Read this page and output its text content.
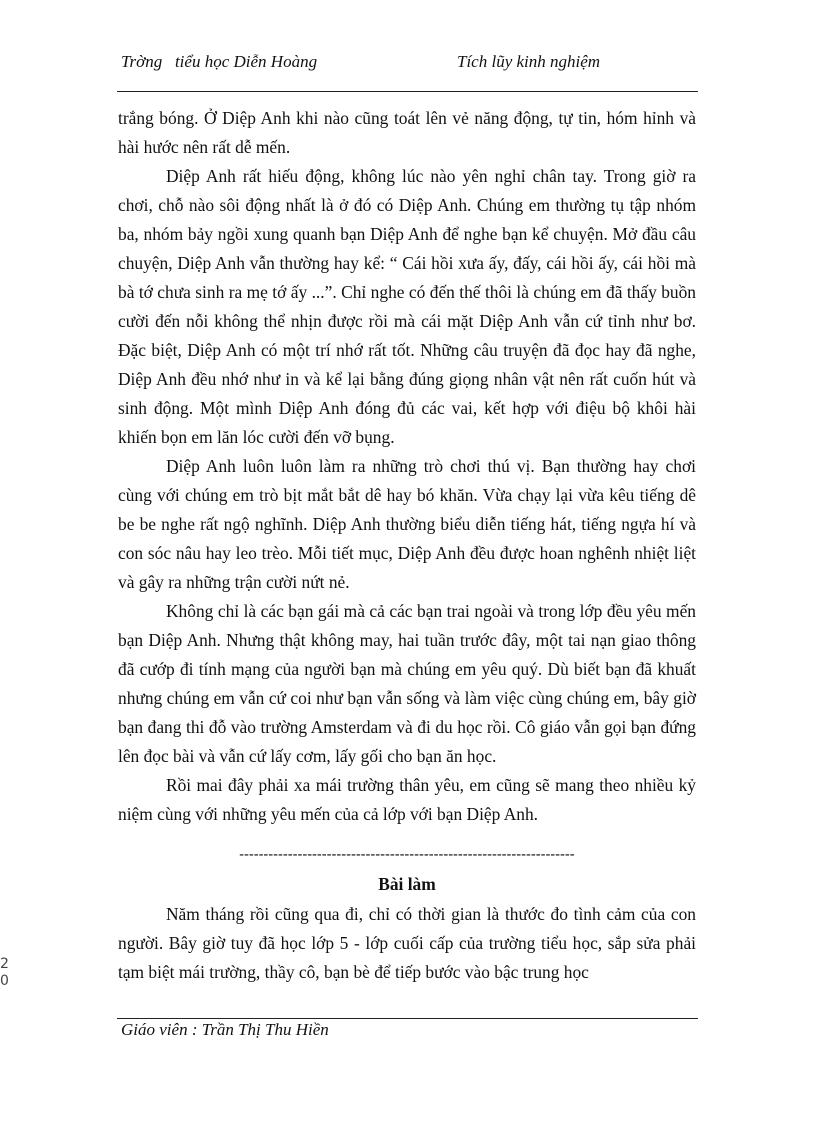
Trờng   tiểu học Diễn Hoàng	Tích lũy kinh nghiệm

trắng bóng. Ở Diệp Anh khi nào cũng toát lên vẻ năng động, tự tin, hóm hỉnh và hài hước nên rất dễ mến.

Diệp Anh rất hiếu động, không lúc nào yên nghỉ chân tay. Trong giờ ra chơi, chỗ nào sôi động nhất là ở đó có Diệp Anh. Chúng em thường tụ tập nhóm ba, nhóm bảy ngồi xung quanh bạn Diệp Anh để nghe bạn kể chuyện. Mở đầu câu chuyện, Diệp Anh vẫn thường hay kể: “ Cái hồi xưa ấy, đấy, cái hồi ấy, cái hồi mà bà tớ chưa sinh ra mẹ tớ ấy ...”. Chỉ nghe có đến thế thôi là chúng em đã thấy buồn cười đến nỗi không thể nhịn được rồi mà cái mặt Diệp Anh vẫn cứ tỉnh như bơ. Đặc biệt, Diệp Anh có một trí nhớ rất tốt. Những câu truyện đã đọc hay đã nghe, Diệp Anh đều nhớ như in và kể lại bằng đúng giọng nhân vật nên rất cuốn hút và sinh động. Một mình Diệp Anh đóng đủ các vai, kết hợp với điệu bộ khôi hài khiến bọn em lăn lóc cười đến vỡ bụng.

Diệp Anh luôn luôn làm ra những trò chơi thú vị. Bạn thường hay chơi cùng với chúng em trò bịt mắt bắt dê hay bó khăn. Vừa chạy lại vừa kêu tiếng dê be be nghe rất ngộ nghĩnh. Diệp Anh thường biểu diễn tiếng hát, tiếng ngựa hí và con sóc nâu hay leo trèo. Mỗi tiết mục, Diệp Anh đều được hoan nghênh nhiệt liệt và gây ra những trận cười nứt nẻ.

Không chỉ là các bạn gái mà cả các bạn trai ngoài và trong lớp đều yêu mến bạn Diệp Anh. Nhưng thật không may, hai tuần trước đây, một tai nạn giao thông đã cướp đi tính mạng của người bạn mà chúng em yêu quý. Dù biết bạn đã khuất nhưng chúng em vẫn cứ coi như bạn vẫn sống và làm việc cùng chúng em, bây giờ bạn đang thi đỗ vào trường Amsterdam và đi du học rồi. Cô giáo vẫn gọi bạn đứng lên đọc bài và vẫn cứ lấy cơm, lấy gối cho bạn ăn học.

Rồi mai đây phải xa mái trường thân yêu, em cũng sẽ mang theo nhiều kỷ niệm cùng với những yêu mến của cả lớp với bạn Diệp Anh.

---------------------------------------------------------------------
Bài làm

Năm tháng rồi cũng qua đi, chỉ có thời gian là thước đo tình cảm của con người. Bây giờ tuy đã học lớp 5 - lớp cuối cấp của trường tiểu học, sắp sửa phải tạm biệt mái trường, thầy cô, bạn bè để tiếp bước vào bậc trung học

2
0
Giáo viên : Trần Thị Thu Hiền
